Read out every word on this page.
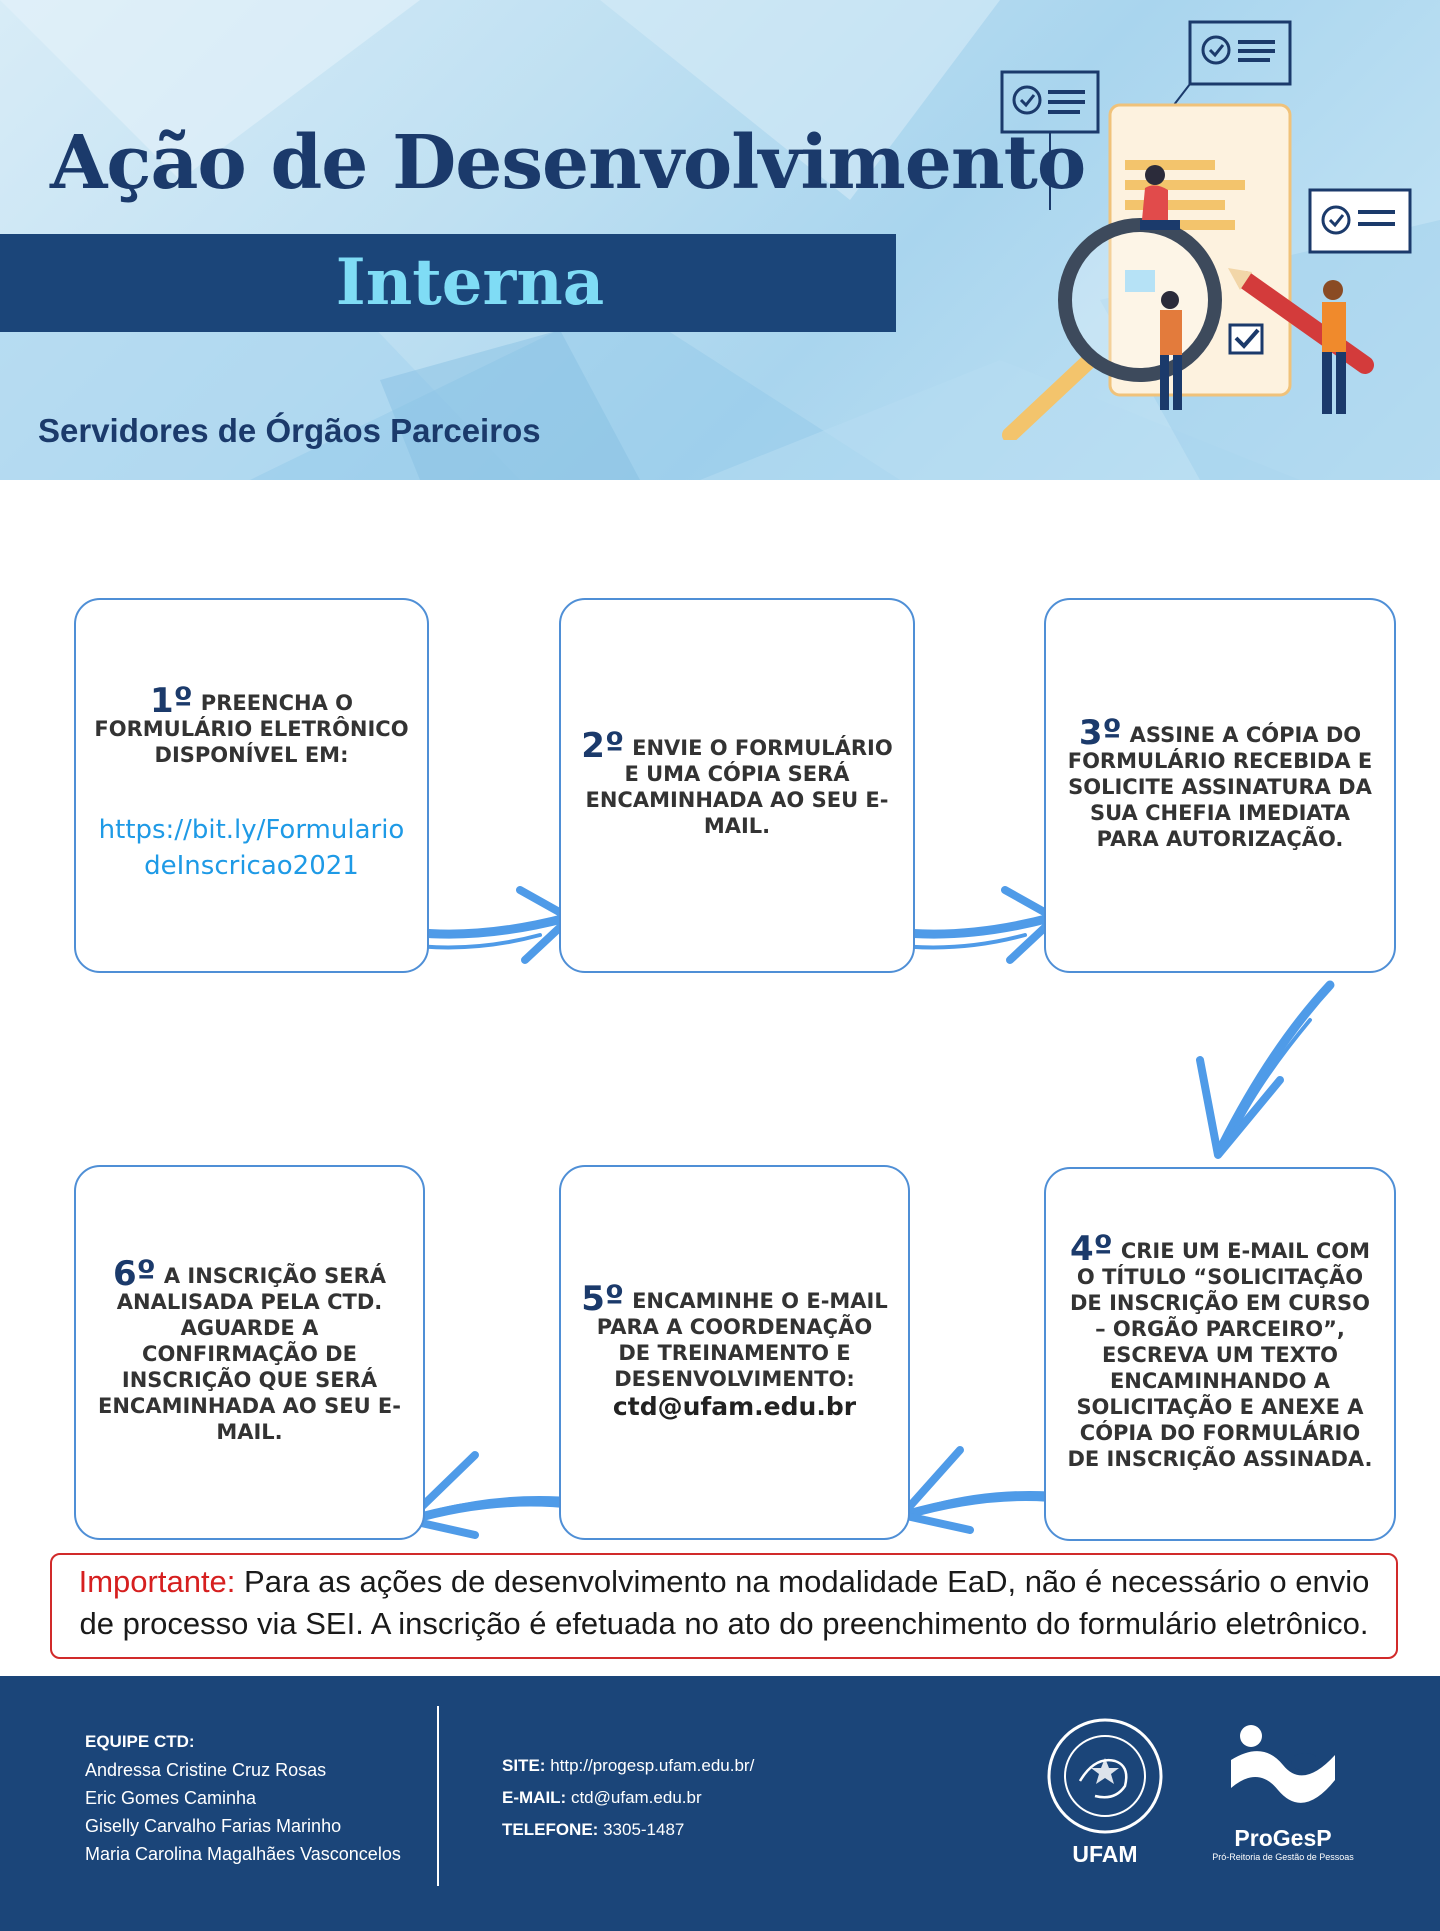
Ação de Desenvolvimento
Interna
Servidores de Órgãos Parceiros
1º PREENCHA O FORMULÁRIO ELETRÔNICO DISPONÍVEL EM:
https://bit.ly/FormulariodeInscricao2021
2º ENVIE O FORMULÁRIO E UMA CÓPIA SERÁ ENCAMINHADA AO SEU E-MAIL.
3º ASSINE A CÓPIA DO FORMULÁRIO RECEBIDA E SOLICITE ASSINATURA DA SUA CHEFIA IMEDIATA PARA AUTORIZAÇÃO.
4º CRIE UM E-MAIL COM O TÍTULO “SOLICITAÇÃO DE INSCRIÇÃO EM CURSO – ORGÃO PARCEIRO”, ESCREVA UM TEXTO ENCAMINHANDO A SOLICITAÇÃO E ANEXE A CÓPIA DO FORMULÁRIO DE INSCRIÇÃO ASSINADA.
5º ENCAMINHE O E-MAIL PARA A COORDENAÇÃO DE TREINAMENTO E DESENVOLVIMENTO:
ctd@ufam.edu.br
6º A INSCRIÇÃO SERÁ ANALISADA PELA CTD. AGUARDE A CONFIRMAÇÃO DE INSCRIÇÃO QUE SERÁ ENCAMINHADA AO SEU E-MAIL.
Importante: Para as ações de desenvolvimento na modalidade EaD, não é necessário o envio de processo via SEI. A inscrição é efetuada no ato do preenchimento do formulário eletrônico.
EQUIPE CTD:
Andressa Cristine Cruz Rosas
Eric Gomes Caminha
Giselly Carvalho Farias Marinho
Maria Carolina Magalhães Vasconcelos
SITE: http://progesp.ufam.edu.br/
E-MAIL: ctd@ufam.edu.br
TELEFONE: 3305-1487
UFAM
ProGesP
Pró-Reitoria de Gestão de Pessoas
